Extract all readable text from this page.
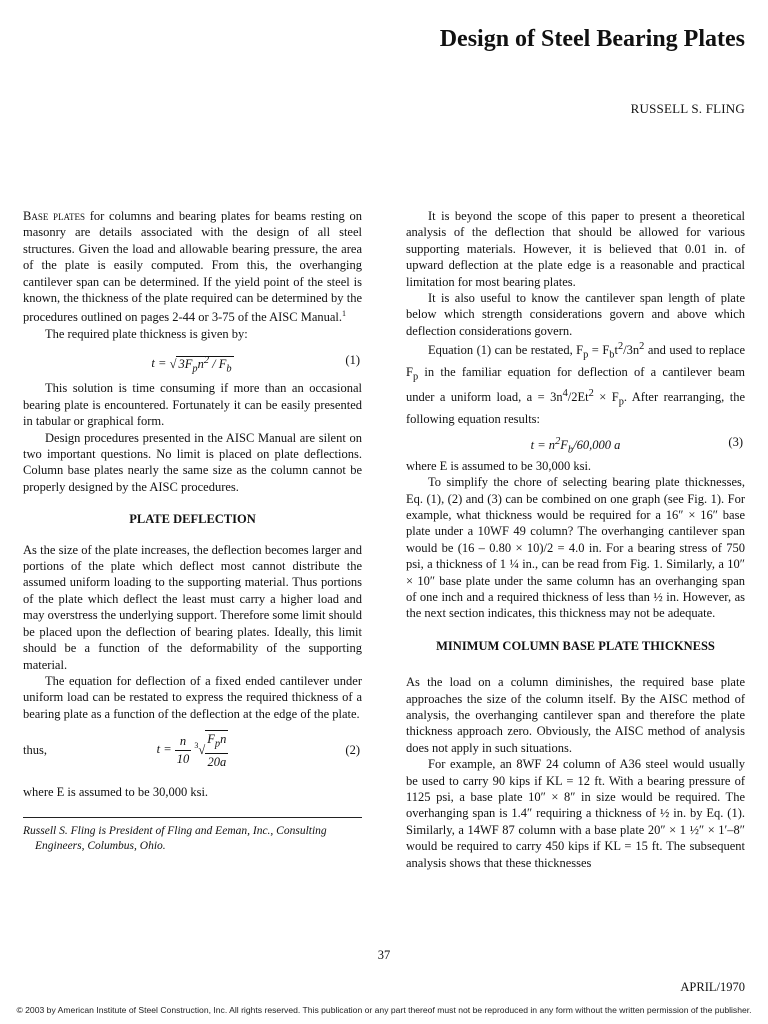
Design of Steel Bearing Plates
RUSSELL S. FLING

Base plates for columns and bearing plates for beams resting on masonry are details associated with the design of all steel structures. Given the load and allowable bearing pressure, the area of the plate is easily computed. From this, the overhanging cantilever span can be determined. If the yield point of the steel is known, the thickness of the plate required can be determined by the procedures outlined on pages 2-44 or 3-75 of the AISC Manual.$^1$

The required plate thickness is given by:

t = √ $3F_pn^2 / F_b$
(1)

This solution is time consuming if more than an occasional bearing plate is encountered. Fortunately it can be easily presented in tabular or graphical form.

Design procedures presented in the AISC Manual are silent on two important questions. No limit is placed on plate deflections. Column base plates nearly the same size as the column cannot be properly designed by the AISC procedures.

PLATE DEFLECTION

As the size of the plate increases, the deflection becomes larger and portions of the plate which deflect most cannot distribute the assumed uniform loading to the supporting material. Thus portions of the plate which deflect the least must carry a higher load and may overstress the underlying support. Therefore some limit should be placed upon the deflection of bearing plates. Ideally, this limit should be a function of the deformability of the supporting material.

The equation for deflection of a fixed ended cantilever under uniform load can be restated to express the required thickness of a bearing plate as a function of the deflection at the edge of the plate.

thus,	$t = \frac{n}{10} ^3√ \frac{F_pn}{20a}$	(2)

where E is assumed to be 30,000 ksi.

Russell S. Fling is President of Fling and Eeman, Inc., Consulting
Engineers, Columbus, Ohio.

It is beyond the scope of this paper to present a theoretical analysis of the deflection that should be allowed for various supporting materials. However, it is believed that 0.01 in. of upward deflection at the plate edge is a reasonable and practical limitation for most bearing plates.

It is also useful to know the cantilever span length of plate below which strength considerations govern and above which deflection considerations govern.

Equation (1) can be restated, $F_p = F_bt^2/3n^2$ and used to replace $F_p$ in the familiar equation for deflection of a cantilever beam under a uniform load, $a = 3n^4/2Et^2 \times F_p$. After rearranging, the following equation results:

$t = n^2F_b/60,000$ a	(3)

where E is assumed to be 30,000 ksi.

To simplify the chore of selecting bearing plate thicknesses, Eq. (1), (2) and (3) can be combined on one graph (see Fig. 1). For example, what thickness would be required for a 16″ × 16″ base plate under a 10WF 49 column? The overhanging cantilever span would be (16 – 0.80 × 10)/2 = 4.0 in. For a bearing stress of 750 psi, a thickness of 1 ¼ in., can be read from Fig. 1. Similarly, a 10″ × 10″ base plate under the same column has an overhanging span of one inch and a required thickness of less than ½ in. However, as the next section indicates, this thickness may not be adequate.

MINIMUM COLUMN BASE PLATE THICKNESS

As the load on a column diminishes, the required base plate approaches the size of the column itself. By the AISC method of analysis, the overhanging cantilever span and therefore the plate thickness approach zero. Obviously, the AISC method of analysis does not apply in such situations.

For example, an 8WF 24 column of A36 steel would usually be used to carry 90 kips if KL = 12 ft. With a bearing pressure of 1125 psi, a base plate 10″ × 8″ in size would be required. The overhanging span is 1.4″ requiring a thickness of ½ in. by Eq. (1). Similarly, a 14WF 87 column with a base plate 20″ × 1 ½″ × 1′–8″ would be required to carry 450 kips if KL = 15 ft. The subsequent analysis shows that these thicknesses

37
APRIL/1970
© 2003 by American Institute of Steel Construction, Inc. All rights reserved. This publication or any part thereof must not be reproduced in any form without the written permission of the publisher.
